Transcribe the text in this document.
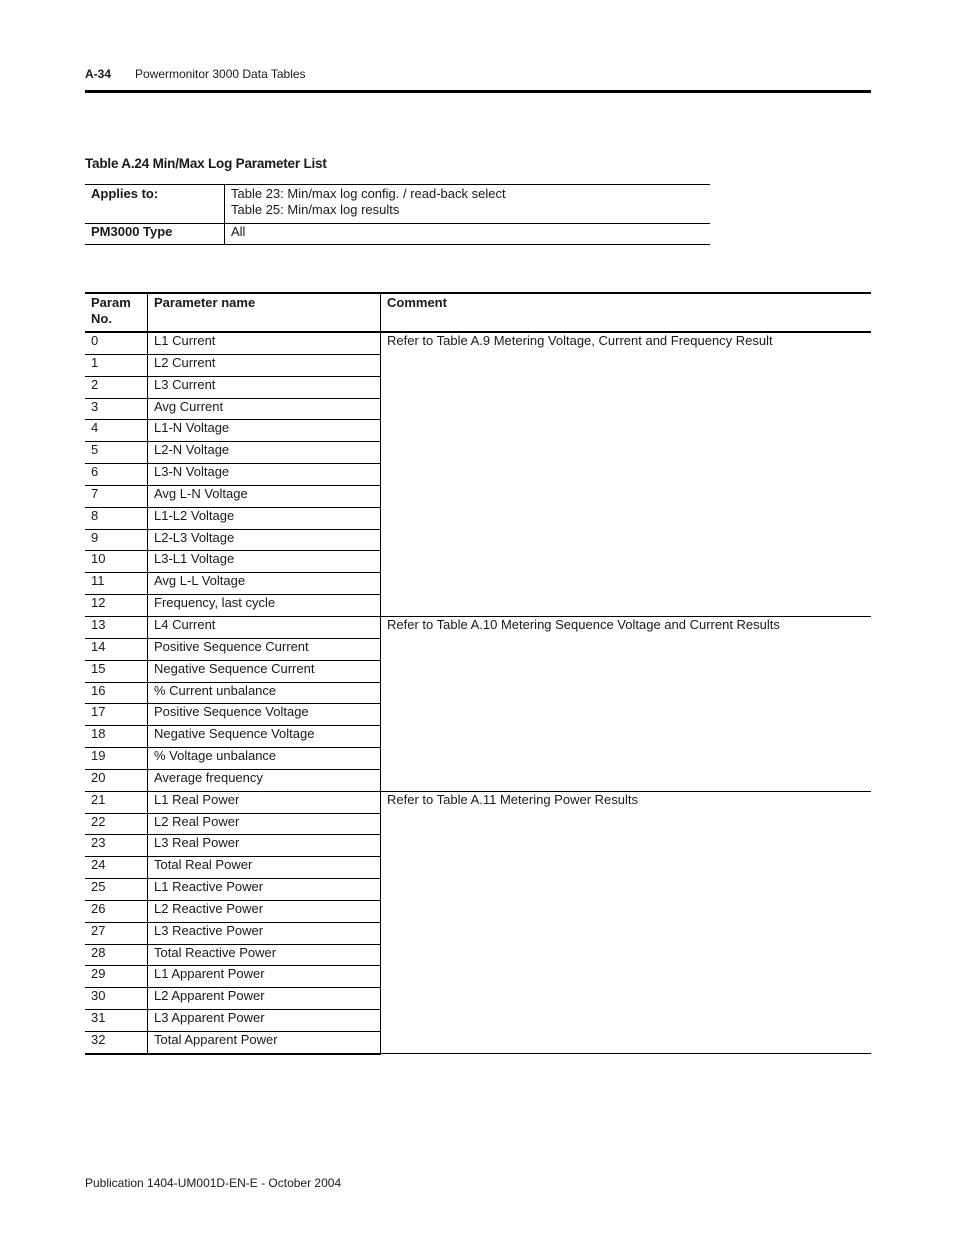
A-34 Powermonitor 3000 Data Tables
Table A.24 Min/Max Log Parameter List
Applies to:	Table 23: Min/max log config. / read-back select
Table 25: Min/max log results

PM3000 Type	All
Param No.	Parameter name	Comment
0	L1 Current	Refer to Table A.9 Metering Voltage, Current and Frequency Result
1	L2 Current	
2	L3 Current	
3	Avg Current	
4	L1-N Voltage	
5	L2-N Voltage	
6	L3-N Voltage	
7	Avg L-N Voltage	
8	L1-L2 Voltage	
9	L2-L3 Voltage	
10	L3-L1 Voltage	
11	Avg L-L Voltage	
12	Frequency, last cycle	
13	L4 Current	Refer to Table A.10 Metering Sequence Voltage and Current Results
14	Positive Sequence Current	
15	Negative Sequence Current	
16	% Current unbalance	
17	Positive Sequence Voltage	
18	Negative Sequence Voltage	
19	% Voltage unbalance	
20	Average frequency	
21	L1 Real Power	Refer to Table A.11 Metering Power Results
22	L2 Real Power	
23	L3 Real Power	
24	Total Real Power	
25	L1 Reactive Power	
26	L2 Reactive Power	
27	L3 Reactive Power	
28	Total Reactive Power	
29	L1 Apparent Power	
30	L2 Apparent Power	
31	L3 Apparent Power	
32	Total Apparent Power	
Publication 1404-UM001D-EN-E - October 2004
